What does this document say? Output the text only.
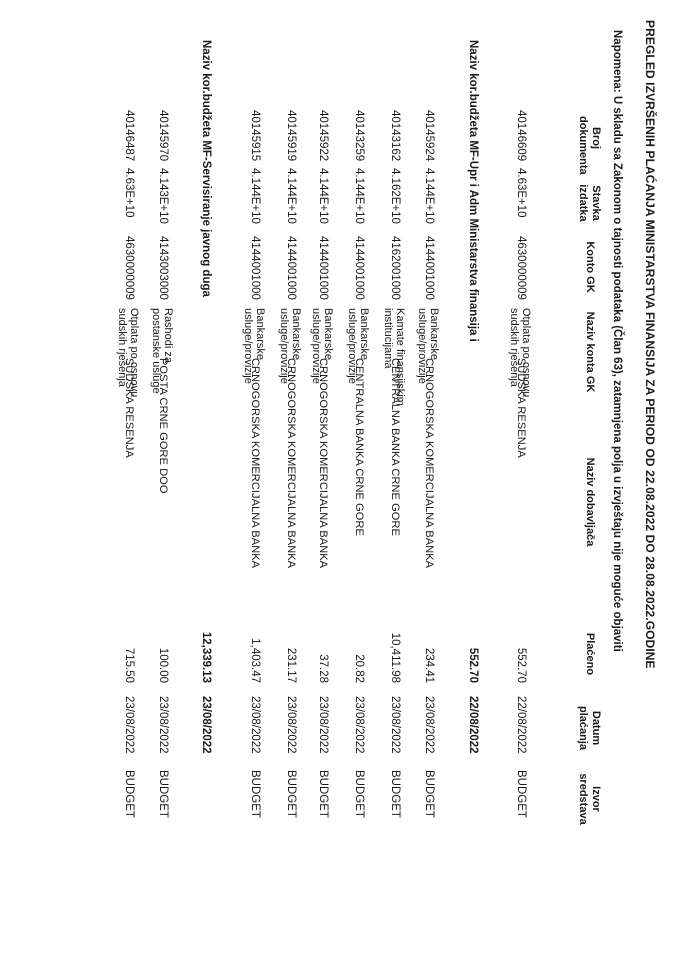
PREGLED IZVRŠENIH PLAĆANJA MINISTARSTVA FINANSIJA ZA PERIOD OD 22.08.2022 DO 28.08.2022.GODINE
Napomena: U skladu sa Zakonom o tajnosti podataka (Član 63), zatamnjena polja u izvještaju nije moguće objaviti
Broj dokumenta
Stavka izdatka
Konto GK
Naziv konta GK
Naziv dobavljača
Plaćeno
Datum plaćanja
Izvor sredstava
40146609
4.63E+10
4630000009
Otplata po osnovu sudskih rješenja
SUDSKA RESENJA
552.70
22/08/2022
BUDGET
Naziv kor.budžeta MF-Upr i Adm Ministarstva finansija i
552.70
22/08/2022
40145924
4.144E+10
4144001000
Bankarske usluge/provizije
CRNOGORSKA KOMERCIJALNA BANKA
234.41
23/08/2022
BUDGET
40143162
4.162E+10
4162001000
Kamate finansijskim institucijama
CENTRALNA BANKA CRNE GORE
10,411.98
23/08/2022
BUDGET
40143259
4.144E+10
4144001000
Bankarske usluge/provizije
CENTRALNA BANKA CRNE GORE
20.82
23/08/2022
BUDGET
40145922
4.144E+10
4144001000
Bankarske usluge/provizije
CRNOGORSKA KOMERCIJALNA BANKA
37.28
23/08/2022
BUDGET
40145919
4.144E+10
4144001000
Bankarske usluge/provizije
CRNOGORSKA KOMERCIJALNA BANKA
231.17
23/08/2022
BUDGET
40145915
4.144E+10
4144001000
Bankarske usluge/provizije
CRNOGORSKA KOMERCIJALNA BANKA
1,403.47
23/08/2022
BUDGET
Naziv kor.budžeta MF-Servisiranje javnog duga
12,339.13
23/08/2022
40145970
4.143E+10
4143003000
Rashodi za postanske usluge
POSTA CRNE GORE DOO
100.00
23/08/2022
BUDGET
40146487
4.63E+10
4630000009
Otplata po osnovu sudskih rješenja
SUDSKA RESENJA
715.50
23/08/2022
BUDGET
